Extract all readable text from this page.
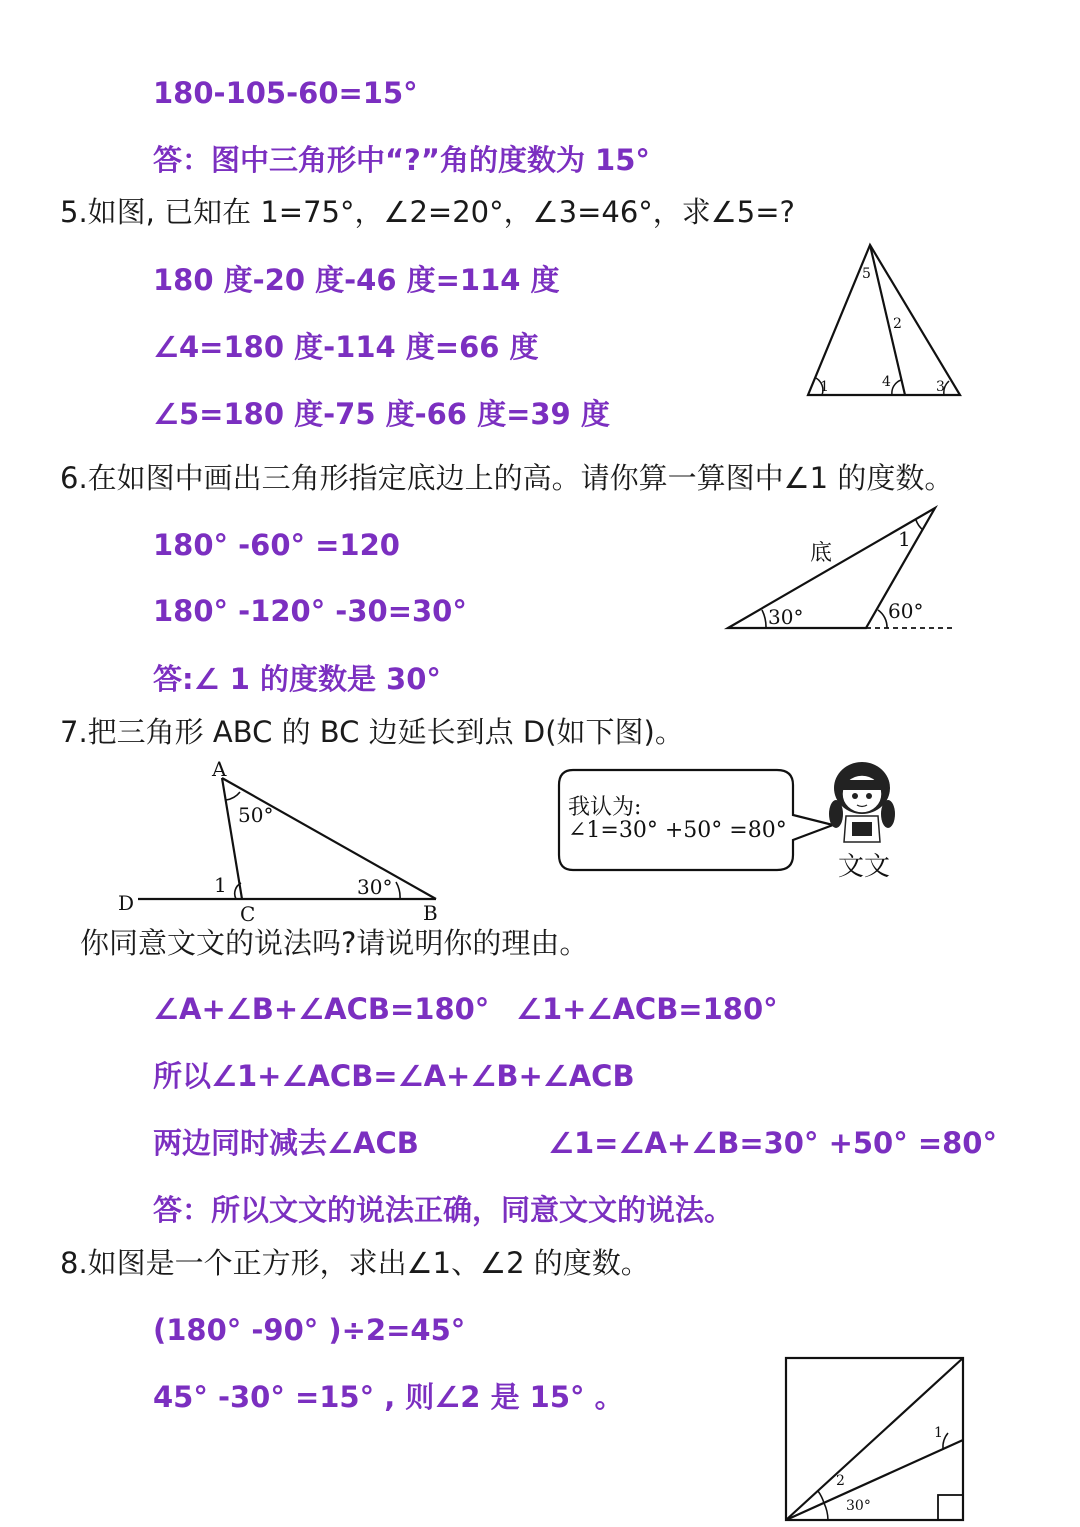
180-105-60=15°
答：图中三角形中“?”角的度数为 15°
5.如图, 已知在 1=75°，∠2=20°，∠3=46°，求∠5=?
180 度-20 度-46 度=114 度
∠4=180 度-114 度=66 度
∠5=180 度-75 度-66 度=39 度
6.在如图中画出三角形指定底边上的高。请你算一算图中∠1 的度数。
180° -60° =120
180° -120° -30=30°
答:∠ 1 的度数是 30°
7.把三角形 ABC 的 BC 边延长到点 D(如下图)。
你同意文文的说法吗?请说明你的理由。
∠A+∠B+∠ACB=180° ∠1+∠ACB=180°
所以∠1+∠ACB=∠A+∠B+∠ACB
两边同时减去∠ACB	∠1=∠A+∠B=30° +50° =80°
答：所以文文的说法正确，同意文文的说法。
8.如图是一个正方形，求出∠1、∠2 的度数。
(180° -90° )÷2=45°
45° -30° =15° , 则∠2 是 15° 。
5
2
1	4	3
底
1
30°	60°
A
D	C	B
50°
1	30°
我认为:
∠1=30° +50° =80°
文文
1
2
30°
